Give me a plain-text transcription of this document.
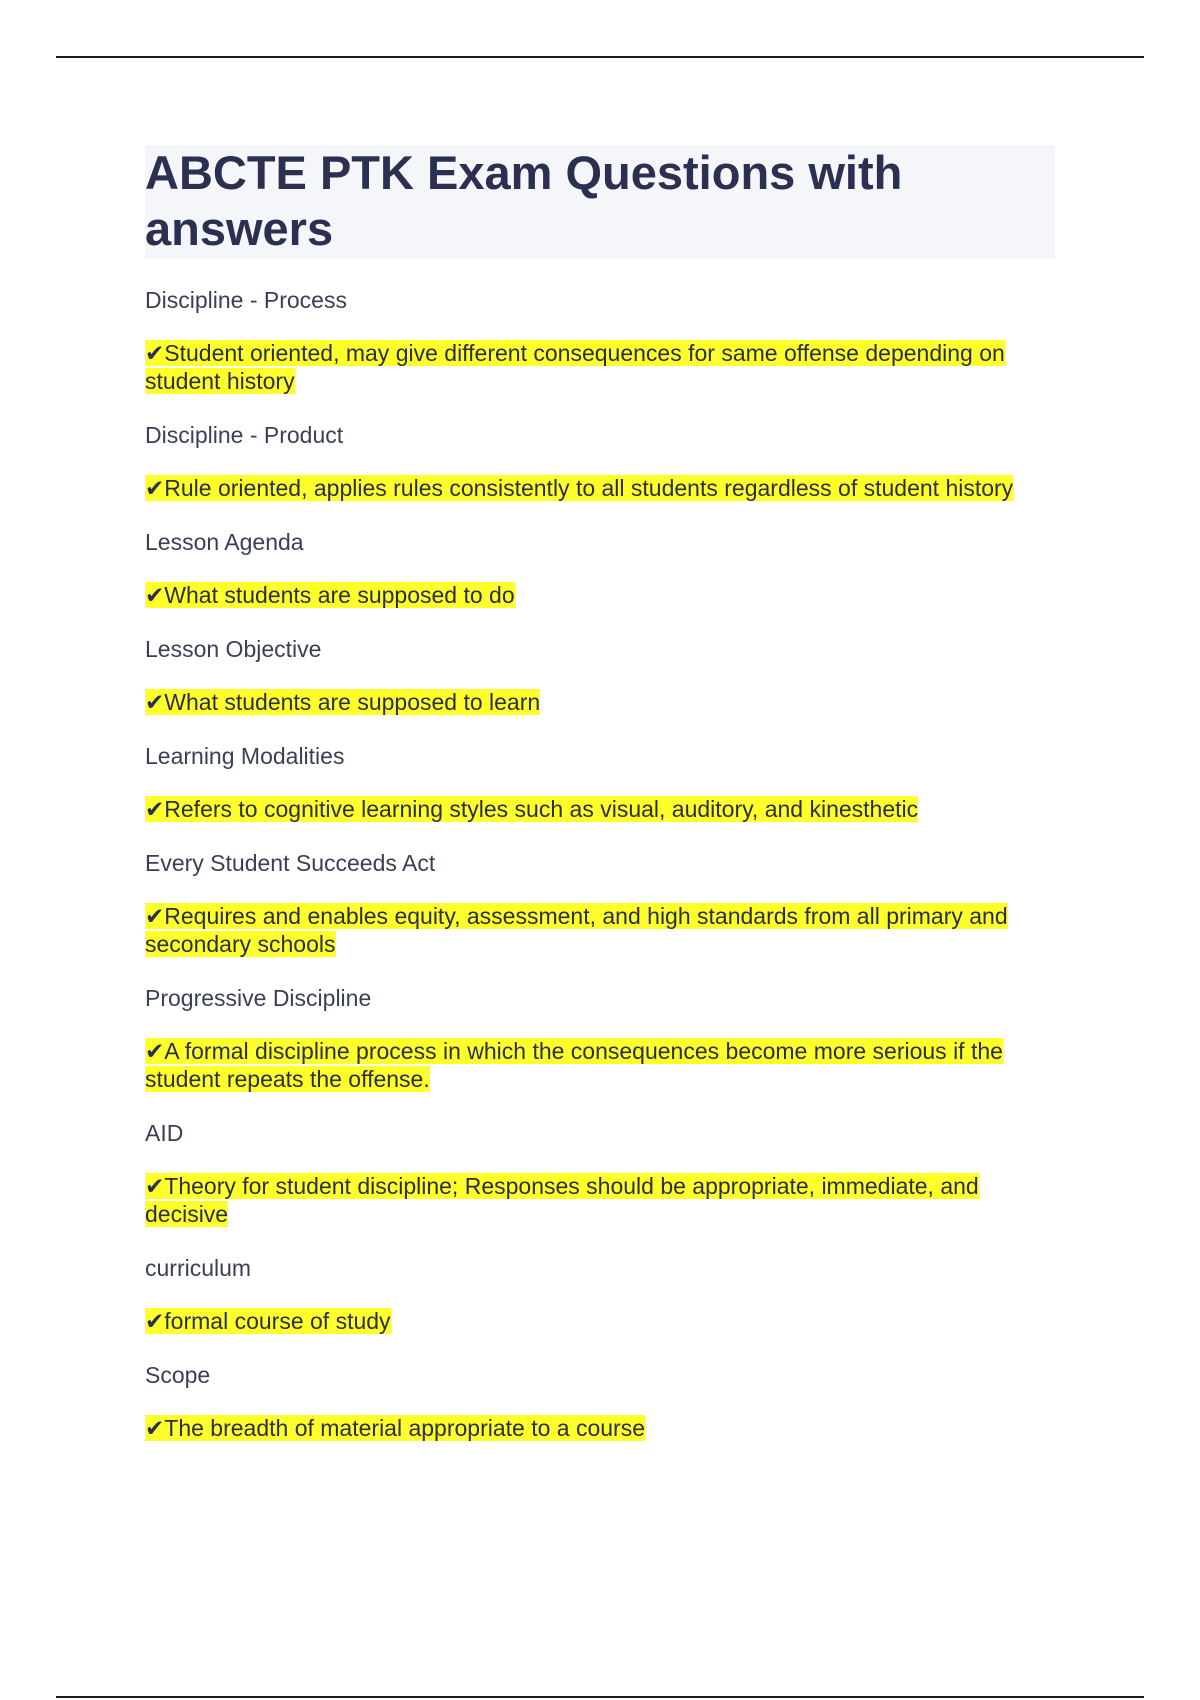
ABCTE PTK Exam Questions with answers

Discipline - Process

✔Student oriented, may give different consequences for same offense depending on student history

Discipline - Product

✔Rule oriented, applies rules consistently to all students regardless of student history

Lesson Agenda

✔What students are supposed to do

Lesson Objective

✔What students are supposed to learn

Learning Modalities

✔Refers to cognitive learning styles such as visual, auditory, and kinesthetic

Every Student Succeeds Act

✔Requires and enables equity, assessment, and high standards from all primary and secondary schools

Progressive Discipline

✔A formal discipline process in which the consequences become more serious if the student repeats the offense.

AID

✔Theory for student discipline; Responses should be appropriate, immediate, and decisive

curriculum

✔formal course of study

Scope

✔The breadth of material appropriate to a course
